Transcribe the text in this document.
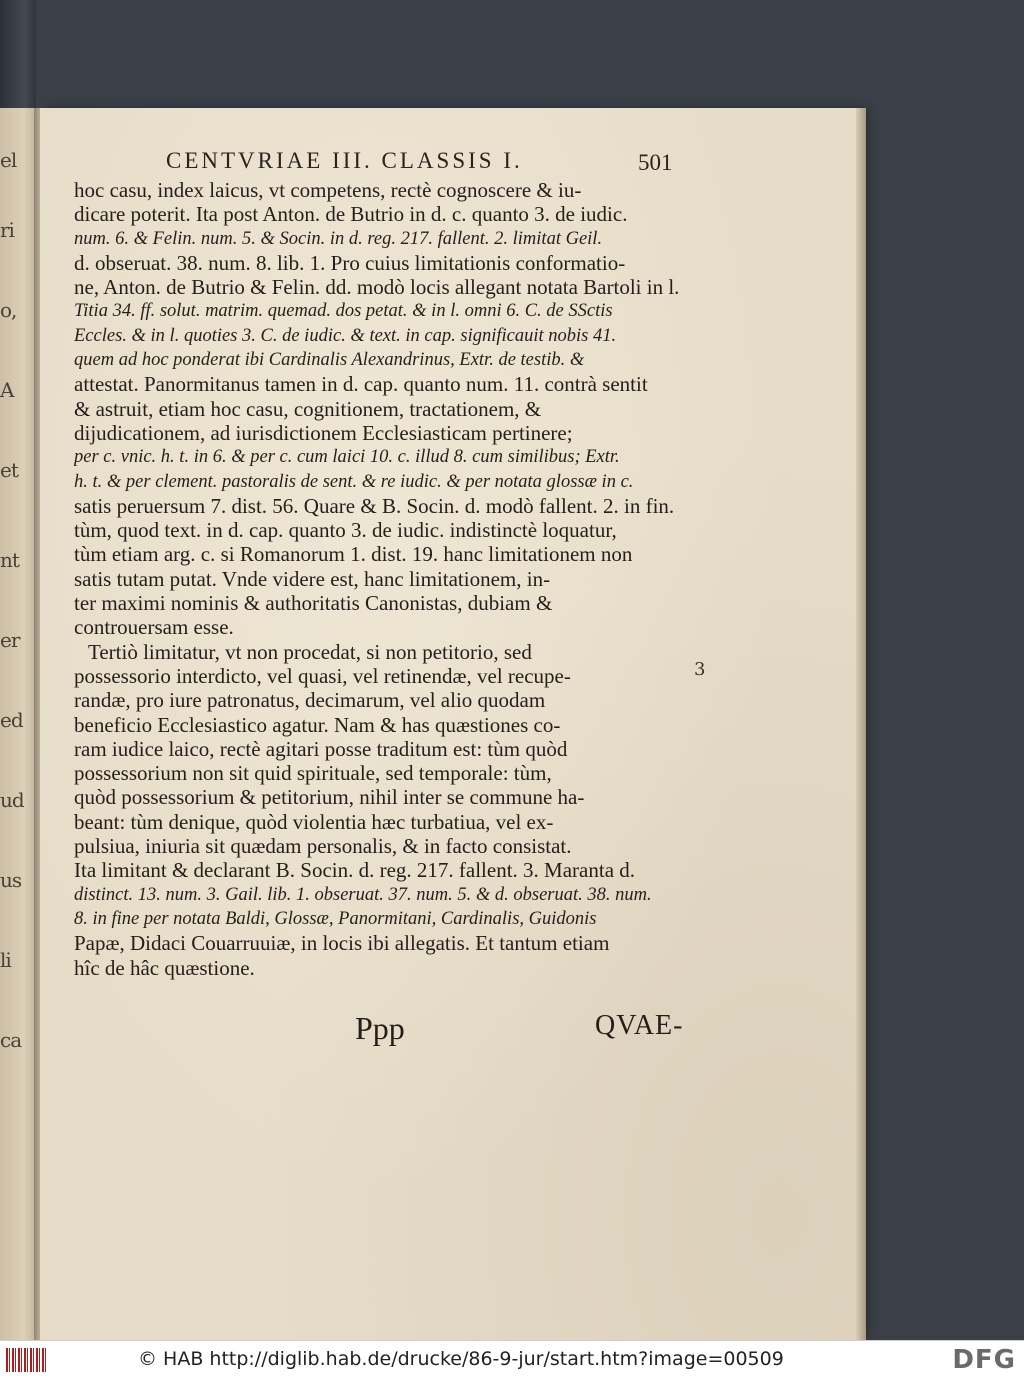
el
ri
o,
A
et
nt
er
ed
ud
us
li
ca
CENTVRIAE III. CLASSIS I.	501
hoc casu, index laicus, vt competens, rectè cognoscere & iu-
dicare poterit. Ita post Anton. de Butrio in d. c. quanto 3. de iudic.
num. 6. & Felin. num. 5. & Socin. in d. reg. 217. fallent. 2. limitat Geil.
d. obseruat. 38. num. 8. lib. 1. Pro cuius limitationis conformatio-
ne, Anton. de Butrio & Felin. dd. modò locis allegant notata Bartoli in l.
Titia 34. ff. solut. matrim. quemad. dos petat. & in l. omni 6. C. de SSctis
Eccles. & in l. quoties 3. C. de iudic. & text. in cap. significauit nobis 41.
quem ad hoc ponderat ibi Cardinalis Alexandrinus, Extr. de testib. &
attestat. Panormitanus tamen in d. cap. quanto num. 11. contrà sentit
& astruit, etiam hoc casu, cognitionem, tractationem, &
dijudicationem, ad iurisdictionem Ecclesiasticam pertinere;
per c. vnic. h. t. in 6. & per c. cum laici 10. c. illud 8. cum similibus; Extr.
h. t. & per clement. pastoralis de sent. & re iudic. & per notata glossæ in c.
satis peruersum 7. dist. 56. Quare & B. Socin. d. modò fallent. 2. in fin.
tùm, quod text. in d. cap. quanto 3. de iudic. indistinctè loquatur,
tùm etiam arg. c. si Romanorum 1. dist. 19. hanc limitationem non
satis tutam putat. Vnde videre est, hanc limitationem, in-
ter maximi nominis & authoritatis Canonistas, dubiam &
controuersam esse.
Tertiò limitatur, vt non procedat, si non petitorio, sed
possessorio interdicto, vel quasi, vel retinendæ, vel recupe-
randæ, pro iure patronatus, decimarum, vel alio quodam
beneficio Ecclesiastico agatur. Nam & has quæstiones co-
ram iudice laico, rectè agitari posse traditum est: tùm quòd
possessorium non sit quid spirituale, sed temporale: tùm,
quòd possessorium & petitorium, nihil inter se commune ha-
beant: tùm denique, quòd violentia hæc turbatiua, vel ex-
pulsiua, iniuria sit quædam personalis, & in facto consistat.
Ita limitant & declarant B. Socin. d. reg. 217. fallent. 3. Maranta d.
distinct. 13. num. 3. Gail. lib. 1. obseruat. 37. num. 5. & d. obseruat. 38. num.
8. in fine per notata Baldi, Glossæ, Panormitani, Cardinalis, Guidonis
Papæ, Didaci Couarruuiæ, in locis ibi allegatis. Et tantum etiam
hîc de hâc quæstione.
3
Ppp	QVAE-
© HAB http://diglib.hab.de/drucke/86-9-jur/start.htm?image=00509	DFG
